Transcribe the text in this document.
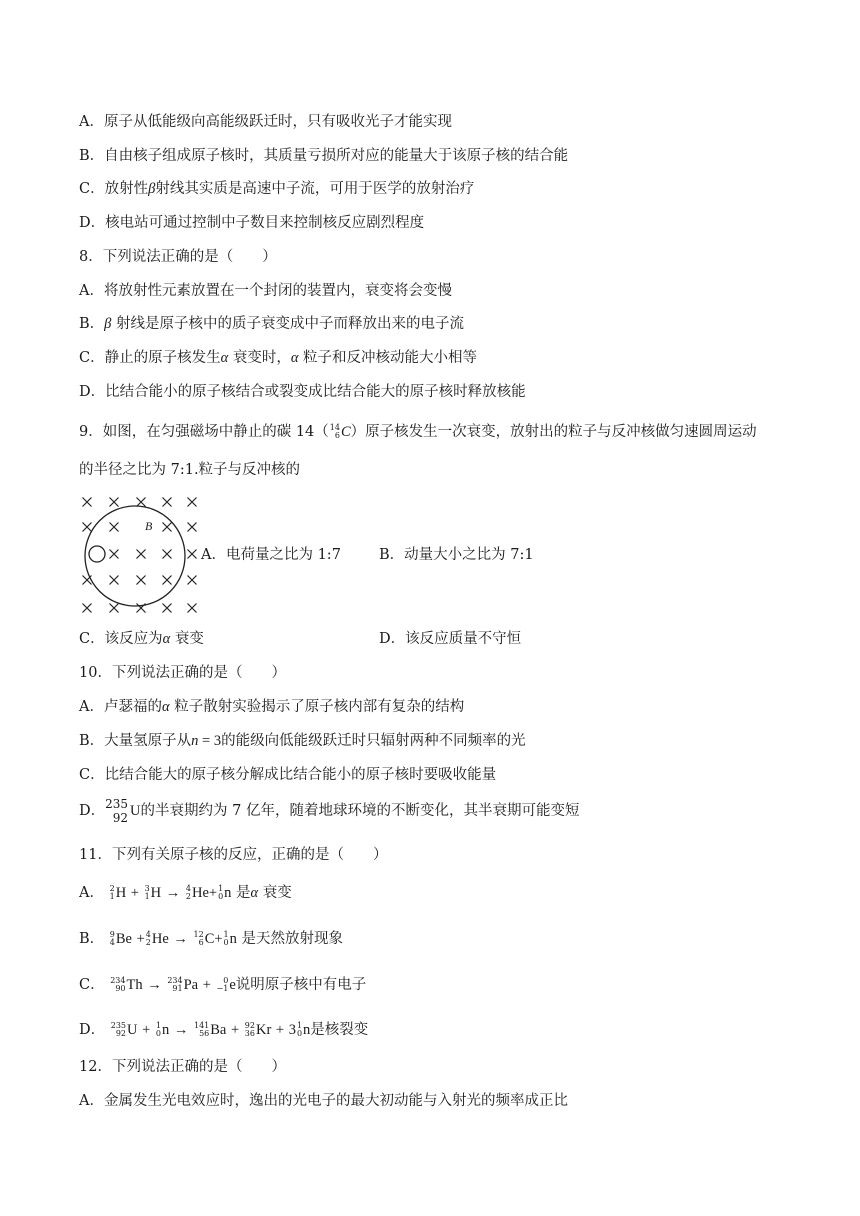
A．原子从低能级向高能级跃迁时，只有吸收光子才能实现
B．自由核子组成原子核时，其质量亏损所对应的能量大于该原子核的结合能
C．放射性β射线其实质是高速中子流，可用于医学的放射治疗
D．核电站可通过控制中子数目来控制核反应剧烈程度
8．下列说法正确的是（　　）
A．将放射性元素放置在一个封闭的装置内，衰变将会变慢
B．β 射线是原子核中的质子衰变成中子而释放出来的电子流
C．静止的原子核发生α 衰变时，α 粒子和反冲核动能大小相等
D．比结合能小的原子核结合或裂变成比结合能大的原子核时释放核能
9．如图，在匀强磁场中静止的碳 14（ 14
6 C）原子核发生一次衰变，放射出的粒子与反冲核做匀速圆周运动
的半径之比为 7:1.粒子与反冲核的
B
A．电荷量之比为 1:7	B．动量大小之比为 7:1
C．该反应为α 衰变	D．该反应质量不守恒
10．下列说法正确的是（　　）
A．卢瑟福的α 粒子散射实验揭示了原子核内部有复杂的结构
B．大量氢原子从n = 3的能级向低能级跃迁时只辐射两种不同频率的光
C．比结合能大的原子核分解成比结合能小的原子核时要吸收能量
D． 235
92 U的半衰期约为 7 亿年，随着地球环境的不断变化，其半衰期可能变短
11．下列有关原子核的反应，正确的是（　　）
A． 2
1 H + 3
1 H → 4
2 He+ 1
0 n 是α 衰变
B． 9
4 Be + 4
2 He → 12
6 C+ 1
0 n 是天然放射现象
C． 234
90 Th → 234
91 Pa + 0
−1 e说明原子核中有电子
D． 235
92 U + 1
0 n → 141
56 Ba + 92
36 Kr + 3 1
0 n是核裂变
12．下列说法正确的是（　　）
A．金属发生光电效应时，逸出的光电子的最大初动能与入射光的频率成正比
